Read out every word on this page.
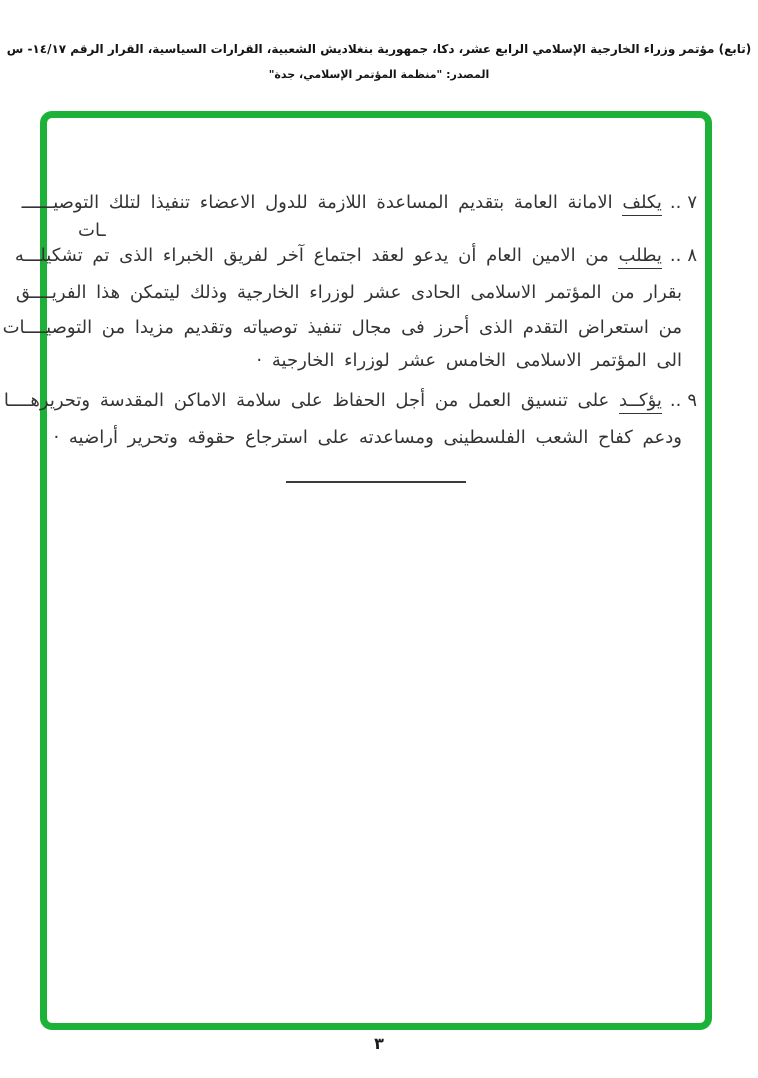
(تابع) مؤتمر وزراء الخارجية الإسلامي الرابع عشر، دكا، جمهورية بنغلاديش الشعبية، القرارات السياسية، القرار الرقم ١٤/١٧- س
المصدر: "منظمة المؤتمر الإسلامي، جدة"
٧..يكلف الامانة العامة بتقديم المساعدة اللازمة للدول الاعضاء تنفيذا لتلك التوصيــــــ
ـات
٨..يطلب من الامين العام أن يدعو لعقد اجتماع آخر لفريق الخبراء الذى تم تشكيلـــه
بقرار من المؤتمر الاسلامى الحادى عشر لوزراء الخارجية وذلك ليتمكن هذا الفريــــق
من استعراض التقدم الذى أحرز فى مجال تنفيذ توصياته وتقديم مزيدا من التوصيــــات
الى المؤتمر الاسلامى الخامس عشر لوزراء الخارجية ·
٩..يؤكــد على تنسيق العمل من أجل الحفاظ على سلامة الاماكن المقدسة وتحريرهــــا
ودعم كفاح الشعب الفلسطينى ومساعدته على استرجاع حقوقه وتحرير أراضيه ·
٣
